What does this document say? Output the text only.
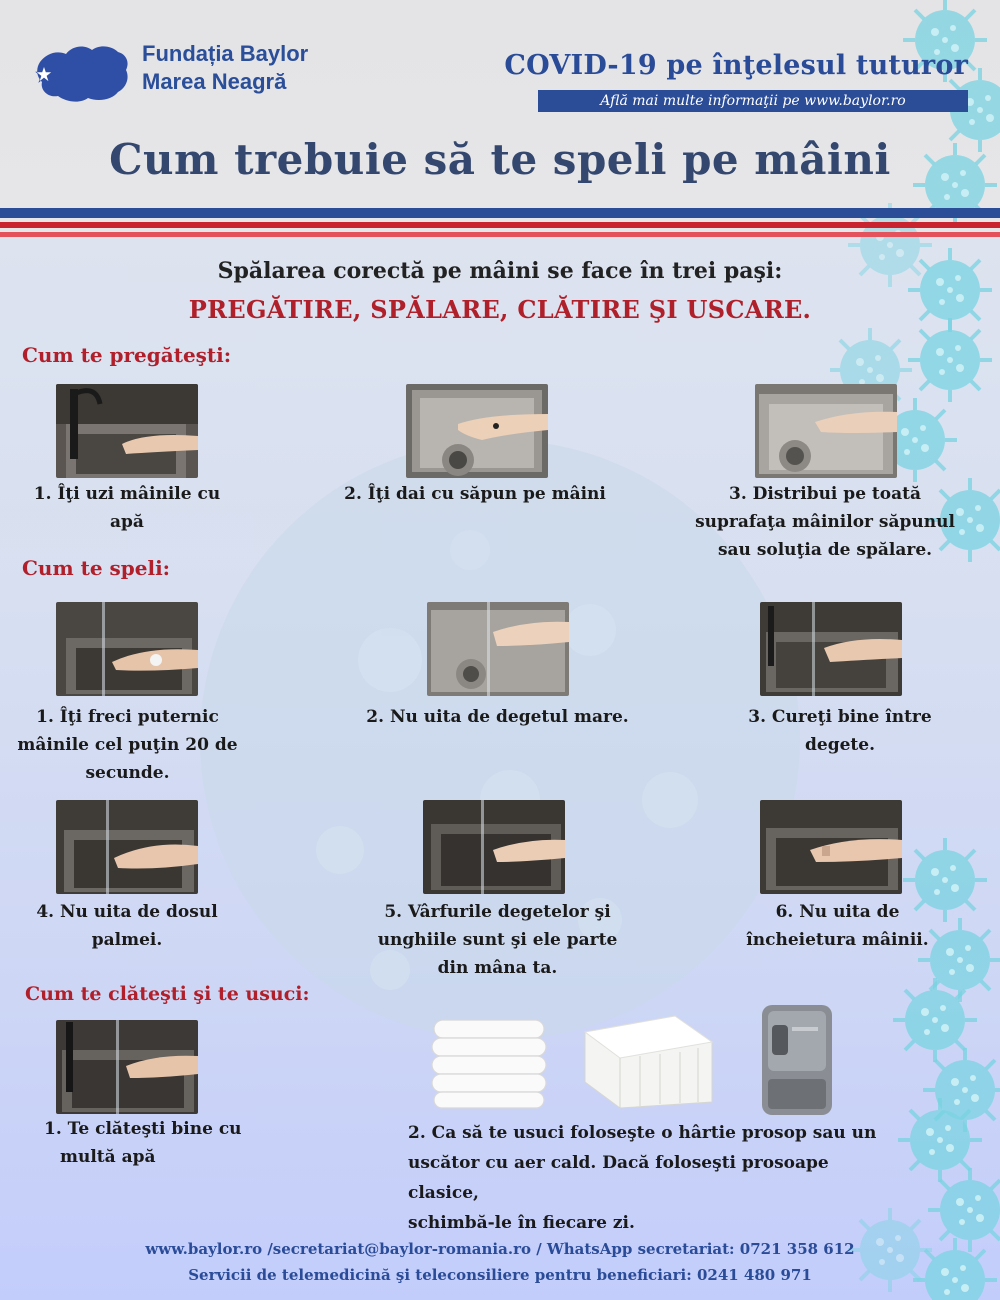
Fundația Baylor
Marea Neagră
COVID-19 pe înţelesul tuturor
Află mai multe informaţii pe www.baylor.ro
Cum trebuie să te speli pe mâini
Spălarea corectă pe mâini se face în trei paşi:
PREGĂTIRE, SPĂLARE, CLĂTIRE ŞI USCARE.
Cum te pregăteşti:
1. Îţi uzi mâinile cu
apă
2. Îţi dai cu săpun pe mâini	3. Distribui pe toată
suprafaţa mâinilor săpunul
sau soluţia de spălare.
Cum te speli:
1. Îţi freci puternic
mâinile cel puţin 20 de
secunde.
2. Nu uita de degetul mare.	3. Cureţi bine între
degete.
4. Nu uita de dosul
palmei.
5. Vârfurile degetelor şi
unghiile sunt şi ele parte
din mâna ta.
6. Nu uita de
încheietura mâinii.
Cum te clăteşti şi te usuci:
1. Te clăteşti bine cu
multă apă
2. Ca să te usuci foloseşte o hârtie prosop sau un
uscător cu aer cald. Dacă foloseşti prosoape clasice,
schimbă-le în fiecare zi.
www.baylor.ro /secretariat@baylor-romania.ro / WhatsApp secretariat: 0721 358 612
Servicii de telemedicină şi teleconsiliere pentru beneficiari: 0241 480 971
